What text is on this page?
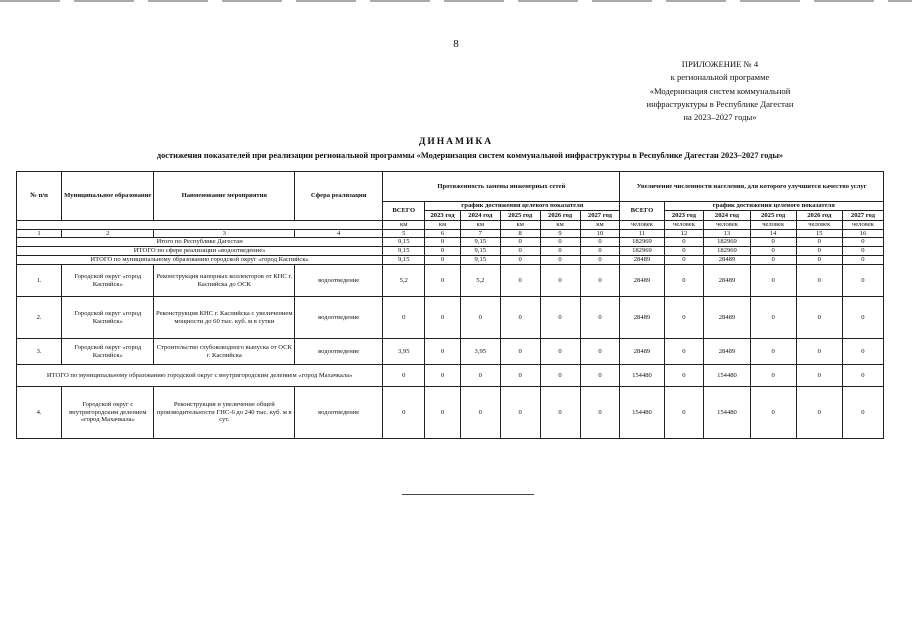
8
ПРИЛОЖЕНИЕ № 4
к региональной программе
«Модернизация систем коммунальной
инфраструктуры в Республике Дагестан
на 2023–2027 годы»
ДИНАМИКА
достижения показателей при реализации региональной программы «Модернизация систем коммунальной инфраструктуры в Республике Дагестан 2023–2027 годы»
№ п/п	Муниципальное образование	Наименование мероприятия	Сфера реализации	Протяженность замены инженерных сетей						Увеличение численности населения, для которого улучшится качество услуг					
				ВСЕГО	график достижения целевого показателя					ВСЕГО	график достижения целевого показателя				
					2023 год	2024 год	2025 год	2026 год	2027 год		2023 год	2024 год	2025 год	2026 год	2027 год
				км	км	км	км	км	км	человек	человек	человек	человек	человек	человек
1	2	3	4	5	6	7	8	9	10	11	12	13	14	15	16
Итого по Республике Дагестан				9,15	0	9,15	0	0	0	182969	0	182969	0	0	0
ИТОГО по сфере реализации «водоотведение»				9,15	0	9,15	0	0	0	182969	0	182969	0	0	0
ИТОГО по муниципальному образованию городской округ «город Каспийск»				9,15	0	9,15	0	0	0	28489	0	28489	0	0	0
1.	Городской округ «город Каспийск»	Реконструкция напорных коллекторов от КНС г. Каспийска до ОСК	водоотведение	5,2	0	5,2	0	0	0	28489	0	28489	0	0	0
2.	Городской округ «город Каспийск»	Реконструкция КНС г. Каспийска с увеличением мощности до 60 тыс. куб. м в сутки	водоотведение	0	0	0	0	0	0	28489	0	28489	0	0	0
3.	Городской округ «город Каспийск»	Строительство глубоководного выпуска от ОСК г. Каспийска	водоотведение	3,95	0	3,95	0	0	0	28489	0	28489	0	0	0
ИТОГО по муниципальному образованию городской округ с внутригородским делением «город Махачкала»				0	0	0	0	0	0	154480	0	154480	0	0	0
4.	Городской округ с внутригородским делением «город Махачкала»	Реконструкция и увеличение общей производительности ГНС-6 до 240 тыс. куб. м в сут.	водоотведение	0	0	0	0	0	0	154480	0	154480	0	0	0
